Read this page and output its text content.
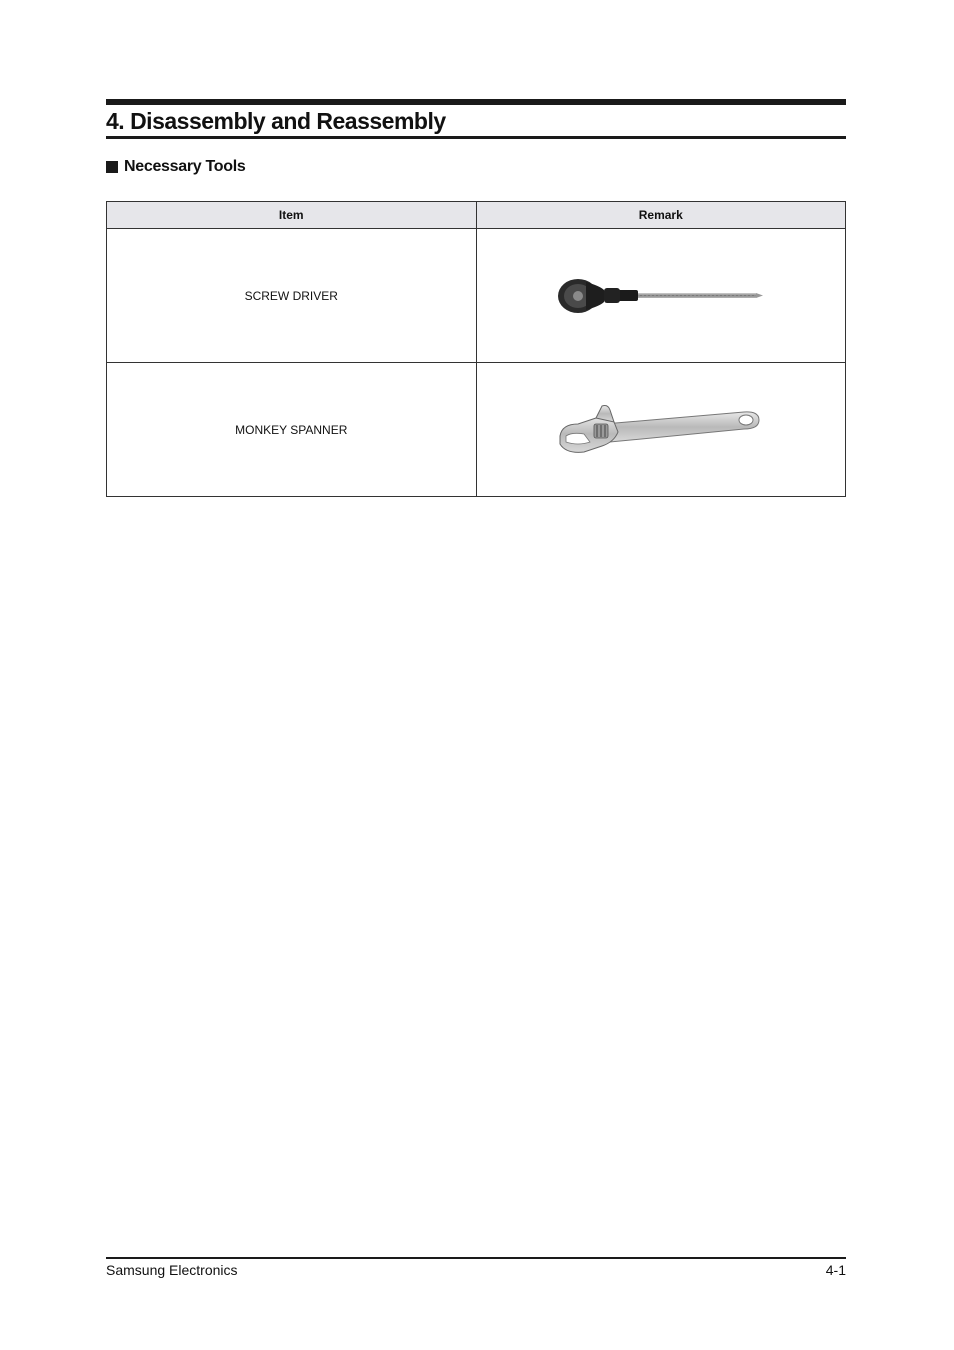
4. Disassembly and Reassembly
Necessary Tools
Item	Remark
SCREW DRIVER	

MONKEY SPANNER	
Samsung Electronics	4-1
